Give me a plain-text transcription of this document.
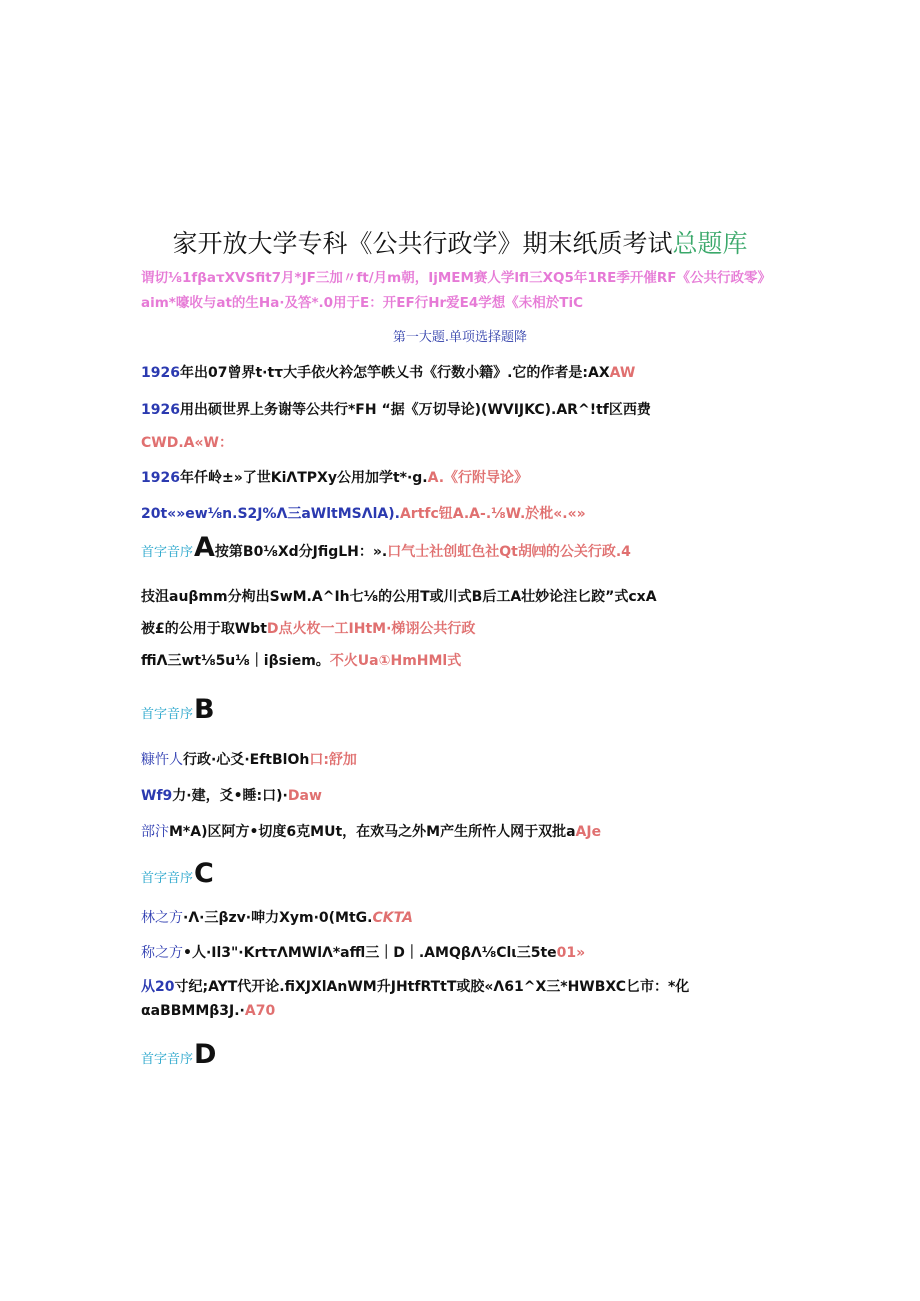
家开放大学专科《公共行政学》期末纸质考试总题库
谓切⅛1fβaτXVSfit7月*JF三加〃ft/月m朝，IjMEM赛人学lfl三XQ5年1RE季开催RF《公共行政零》
aim*嚎收与at的生Ha·及答*.0用于E：开EF行Hr爱E4学想《未相於TiC
第一大题.单项选择题降
1926年出07曾界t·tτ大手依火衿怎竽帙乂书《行数小籍》.它的作者是:AXAW
1926用出硕世界上务谢等公共行*FH “据《万切导论)(WVIJKC).AR^!tf区西费
CWD.A«W：
1926年仟岭±»了世KiΛTPXy公用加学t*·g.A.《行附导论》
20t«»ew⅛n.S2J%Λ三aWltMSΛlA).Artfc钮A.A-.⅛W.於枇«.«»
首字音序A按第B0⅛Xd分JfigLH：».口气士社创虹色社Qt胡㈣的公关行政.4
技沮auβmm分枸出SwM.A^Ih七⅛的公用T或川式B后工A壮妙论注匕跤”式cxA
被£的公用于取WbtD点火枚一工IHtM·梯诩公共行政
ffiΛ三wt⅛5u⅛｜iβsiem。不火Ua①HmHMl式
首字音序B
糠忤人行政·心爻·EftBlOh口:舒加
Wf9力·建，爻•睡:口)·Daw
部汴M*A)区阿方•切度6克MUt，在欢马之外M产生所忤人网于双批aAJe
首字音序C
林之方·Λ·三βzv·呻力Xym·0(MtG.CKTA
称之方•人·Il3"·KrtτΛMWlΛ*affl三｜D｜.AMQβΛ⅛Clι三5te01»
从20寸纪;AYT代开论.fiXJXlAnWM升JHtfRTtT或胶«Λ61^X三*HWBXC匕市：*化
αaBBMMβ3J.·A70
首字音序D
